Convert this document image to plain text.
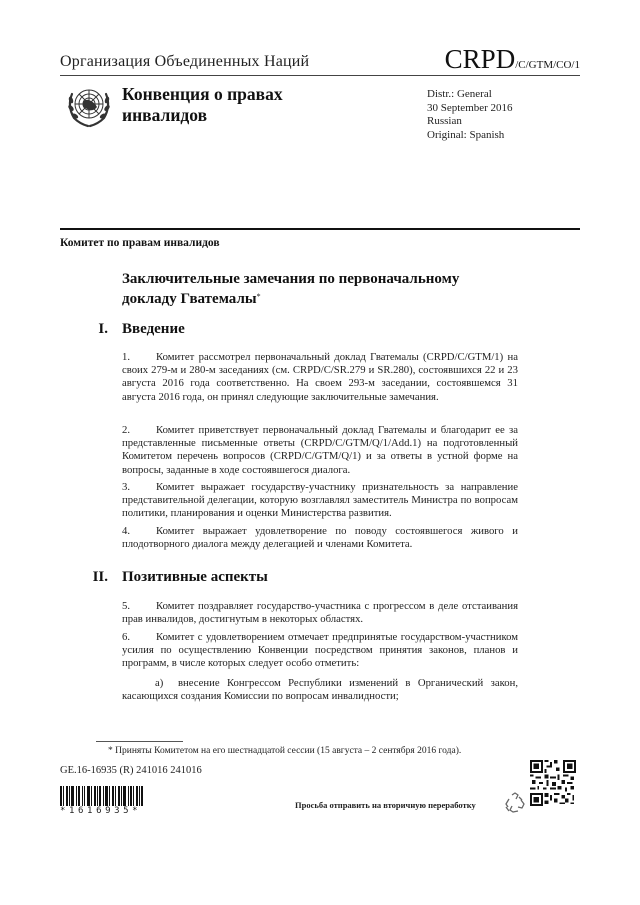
Организация Объединенных Наций	CRPD/C/GTM/CO/1
Конвенция о правах
инвалидов
Distr.: General
30 September 2016
Russian
Original: Spanish
Комитет по правам инвалидов
Заключительные замечания по первоначальному
докладу Гватемалы*
I. Введение
1. Комитет рассмотрел первоначальный доклад Гватемалы (CRPD/C/GTM/1) на своих 279-м и 280-м заседаниях (см. CRPD/C/SR.279 и SR.280), состоявшихся 22 и 23 августа 2016 года соответственно. На своем 293-м заседании, состоявшемся 31 августа 2016 года, он принял следующие заключительные замечания.
2. Комитет приветствует первоначальный доклад Гватемалы и благодарит ее за представленные письменные ответы (CRPD/C/GTM/Q/1/Add.1) на подготовленный Комитетом перечень вопросов (CRPD/C/GTM/Q/1) и за ответы в устной форме на вопросы, заданные в ходе состоявшегося диалога.
3. Комитет выражает государству-участнику признательность за направление представительной делегации, которую возглавлял заместитель Министра по вопросам политики, планирования и оценки Министерства развития.
4. Комитет выражает удовлетворение по поводу состоявшегося живого и плодотворного диалога между делегацией и членами Комитета.
II. Позитивные аспекты
5. Комитет поздравляет государство-участника с прогрессом в деле отстаивания прав инвалидов, достигнутым в некоторых областях.
6. Комитет с удовлетворением отмечает предпринятые государством-участником усилия по осуществлению Конвенции посредством принятия законов, планов и программ, в числе которых следует особо отметить:
a) внесение Конгрессом Республики изменений в Органический закон, касающихся создания Комиссии по вопросам инвалидности;
* Приняты Комитетом на его шестнадцатой сессии (15 августа – 2 сентября 2016 года).
GE.16-16935 (R) 241016 241016
*1616935*
Просьба отправить на вторичную переработку
